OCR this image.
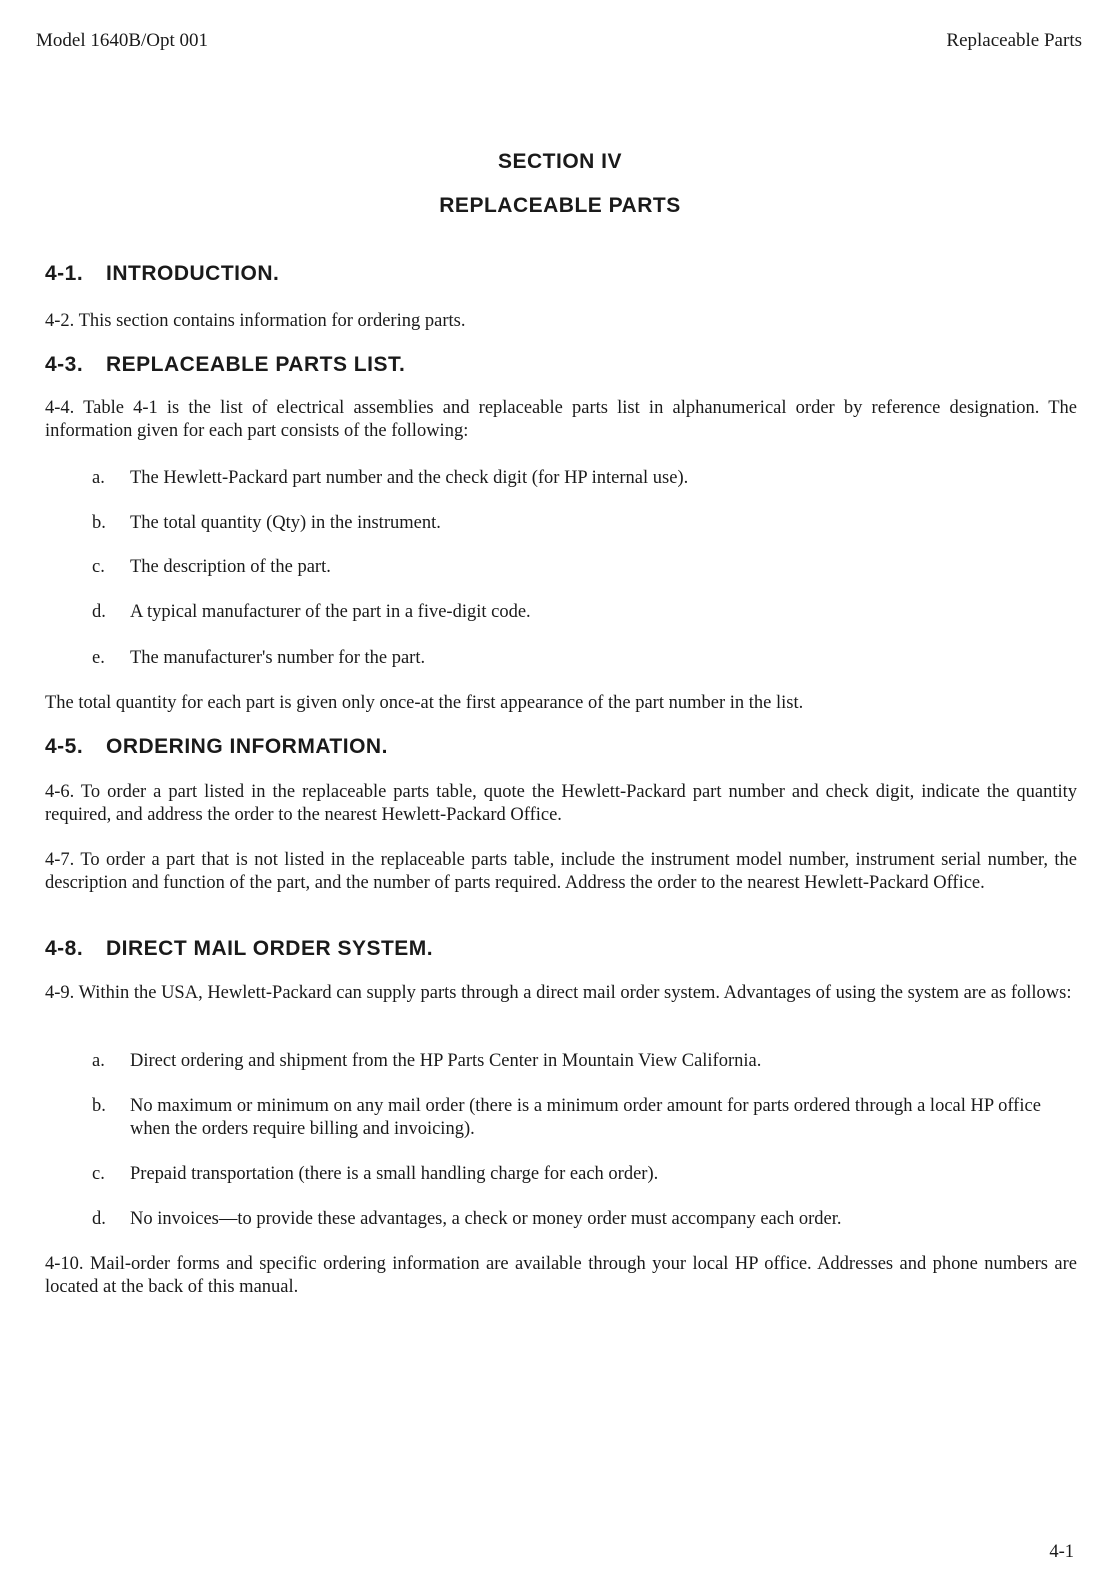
Model 1640B/Opt 001	Replaceable Parts
SECTION IV
REPLACEABLE PARTS
4-1. INTRODUCTION.
4-2. This section contains information for ordering parts.
4-3. REPLACEABLE PARTS LIST.
4-4. Table 4-1 is the list of electrical assemblies and replaceable parts list in alphanumerical order by reference designation. The information given for each part consists of the following:
a.	The Hewlett-Packard part number and the check digit (for HP internal use).
b.	The total quantity (Qty) in the instrument.
c.	The description of the part.
d.	A typical manufacturer of the part in a five-digit code.
e.	The manufacturer's number for the part.
The total quantity for each part is given only once-at the first appearance of the part number in the list.
4-5. ORDERING INFORMATION.
4-6. To order a part listed in the replaceable parts table, quote the Hewlett-Packard part number and check digit, indicate the quantity required, and address the order to the nearest Hewlett-Packard Office.
4-7. To order a part that is not listed in the replaceable parts table, include the instrument model number, instrument serial number, the description and function of the part, and the number of parts required. Address the order to the nearest Hewlett-Packard Office.
4-8. DIRECT MAIL ORDER SYSTEM.
4-9. Within the USA, Hewlett-Packard can supply parts through a direct mail order system. Advantages of using the system are as follows:
a.	Direct ordering and shipment from the HP Parts Center in Mountain View California.
b.	No maximum or minimum on any mail order (there is a minimum order amount for parts ordered through a local HP office when the orders require billing and invoicing).
c.	Prepaid transportation (there is a small handling charge for each order).
d.	No invoices—to provide these advantages, a check or money order must accompany each order.
4-10. Mail-order forms and specific ordering information are available through your local HP office. Addresses and phone numbers are located at the back of this manual.
4-1
